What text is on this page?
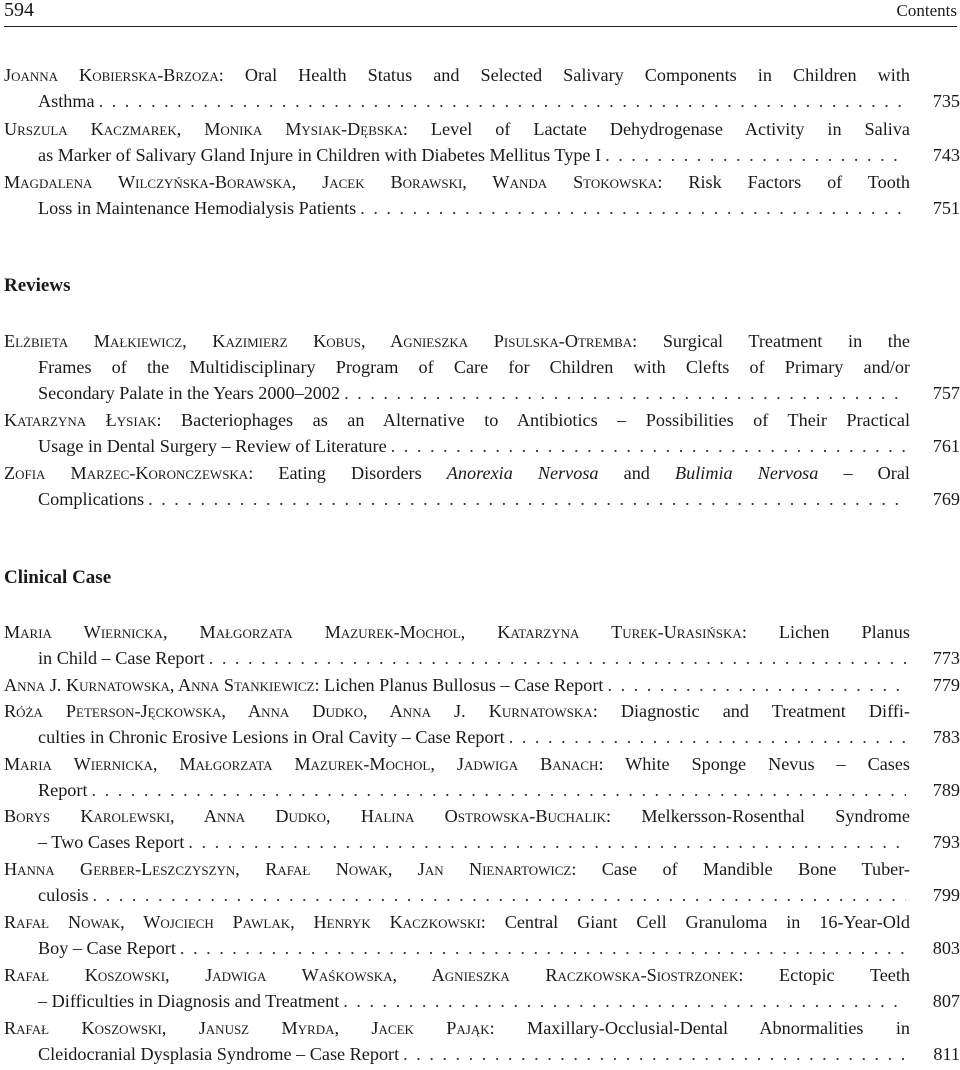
594	Contents
Joanna Kobierska-Brzoza: Oral Health Status and Selected Salivary Components in Children with
Asthma . . .	735
Urszula Kaczmarek, Monika Mysiak-Dębska: Level of Lactate Dehydrogenase Activity in Saliva
as Marker of Salivary Gland Injure in Children with Diabetes Mellitus Type I . . .	743
Magdalena Wilczyńska-Borawska, Jacek Borawski, Wanda Stokowska: Risk Factors of Tooth
Loss in Maintenance Hemodialysis Patients . . .	751
Reviews
Elżbieta Małkiewicz, Kazimierz Kobus, Agnieszka Pisulska-Otremba: Surgical Treatment in the
Frames of the Multidisciplinary Program of Care for Children with Clefts of Primary and/or
Secondary Palate in the Years 2000–2002 . . .	757
Katarzyna Łysiak: Bacteriophages as an Alternative to Antibiotics – Possibilities of Their Practical
Usage in Dental Surgery – Review of Literature . . .	761
Zofia Marzec-Koronczewska: Eating Disorders Anorexia Nervosa and Bulimia Nervosa – Oral
Complications . . .	769
Clinical Case
Maria Wiernicka, Małgorzata Mazurek-Mochol, Katarzyna Turek-Urasińska: Lichen Planus
in Child – Case Report . . .	773
Anna J. Kurnatowska, Anna Stankiewicz: Lichen Planus Bullosus – Case Report . . .	779
Róża Peterson-Jęckowska, Anna Dudko, Anna J. Kurnatowska: Diagnostic and Treatment Diffi-
culties in Chronic Erosive Lesions in Oral Cavity – Case Report . . .	783
Maria Wiernicka, Małgorzata Mazurek-Mochol, Jadwiga Banach: White Sponge Nevus – Cases
Report . . .	789
Borys Karolewski, Anna Dudko, Halina Ostrowska-Buchalik: Melkersson-Rosenthal Syndrome
– Two Cases Report . . .	793
Hanna Gerber-Leszczyszyn, Rafał Nowak, Jan Nienartowicz: Case of Mandible Bone Tuber-
culosis . . .	799
Rafał Nowak, Wojciech Pawlak, Henryk Kaczkowski: Central Giant Cell Granuloma in 16-Year-Old
Boy – Case Report . . .	803
Rafał Koszowski, Jadwiga Waśkowska, Agnieszka Raczkowska-Siostrzonek: Ectopic Teeth
– Difficulties in Diagnosis and Treatment . . .	807
Rafał Koszowski, Janusz Myrda, Jacek Pająk: Maxillary-Occlusial-Dental Abnormalities in
Cleidocranial Dysplasia Syndrome – Case Report . . .	811
